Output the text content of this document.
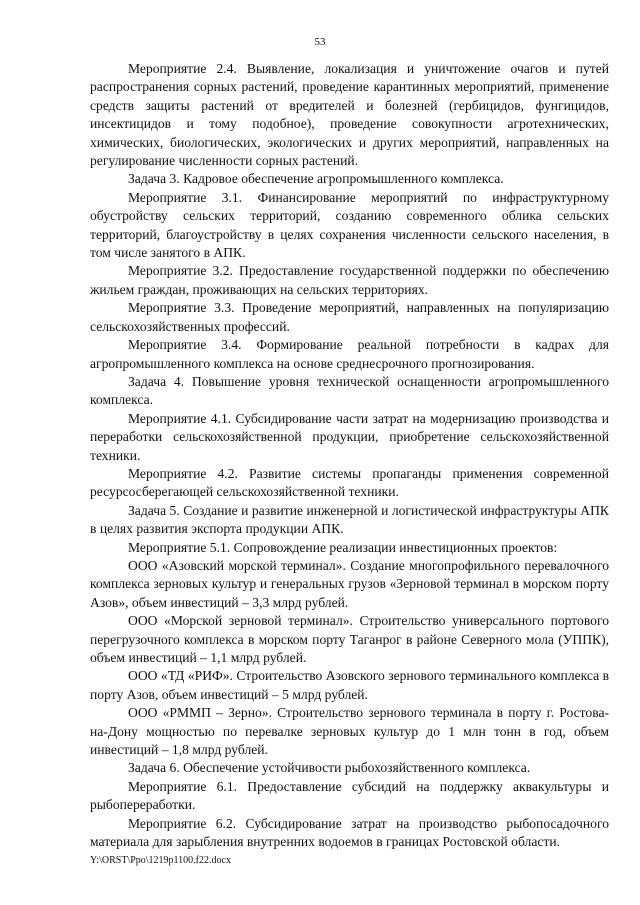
53

Мероприятие 2.4. Выявление, локализация и уничтожение очагов и путей распространения сорных растений, проведение карантинных мероприятий, применение средств защиты растений от вредителей и болезней (гербицидов, фунгицидов, инсектицидов и тому подобное), проведение совокупности агротехнических, химических, биологических, экологических и других мероприятий, направленных на регулирование численности сорных растений.

Задача 3. Кадровое обеспечение агропромышленного комплекса.

Мероприятие 3.1. Финансирование мероприятий по инфраструктурному обустройству сельских территорий, созданию современного облика сельских территорий, благоустройству в целях сохранения численности сельского населения, в том числе занятого в АПК.

Мероприятие 3.2. Предоставление государственной поддержки по обеспечению жильем граждан, проживающих на сельских территориях.

Мероприятие 3.3. Проведение мероприятий, направленных на популяризацию сельскохозяйственных профессий.

Мероприятие 3.4. Формирование реальной потребности в кадрах для агропромышленного комплекса на основе среднесрочного прогнозирования.

Задача 4. Повышение уровня технической оснащенности агропромышленного комплекса.

Мероприятие 4.1. Субсидирование части затрат на модернизацию производства и переработки сельскохозяйственной продукции, приобретение сельскохозяйственной техники.

Мероприятие 4.2. Развитие системы пропаганды применения современной ресурсосберегающей сельскохозяйственной техники.

Задача 5. Создание и развитие инженерной и логистической инфраструктуры АПК в целях развития экспорта продукции АПК.

Мероприятие 5.1. Сопровождение реализации инвестиционных проектов:

ООО «Азовский морской терминал». Создание многопрофильного перевалочного комплекса зерновых культур и генеральных грузов «Зерновой терминал в морском порту Азов», объем инвестиций – 3,3 млрд рублей.

ООО «Морской зерновой терминал». Строительство универсального портового перегрузочного комплекса в морском порту Таганрог в районе Северного мола (УППК), объем инвестиций – 1,1 млрд рублей.

ООО «ТД «РИФ». Строительство Азовского зернового терминального комплекса в порту Азов, объем инвестиций – 5 млрд рублей.

ООО «РММП – Зерно». Строительство зернового терминала в порту г. Ростова-на-Дону мощностью по перевалке зерновых культур до 1 млн тонн в год, объем инвестиций – 1,8 млрд рублей.

Задача 6. Обеспечение устойчивости рыбохозяйственного комплекса.

Мероприятие 6.1. Предоставление субсидий на поддержку аквакультуры и рыбопереработки.

Мероприятие 6.2. Субсидирование затрат на производство рыбопосадочного материала для зарыбления внутренних водоемов в границах Ростовской области.

Y:\ORST\Ppo\1219p1100.f22.docx
